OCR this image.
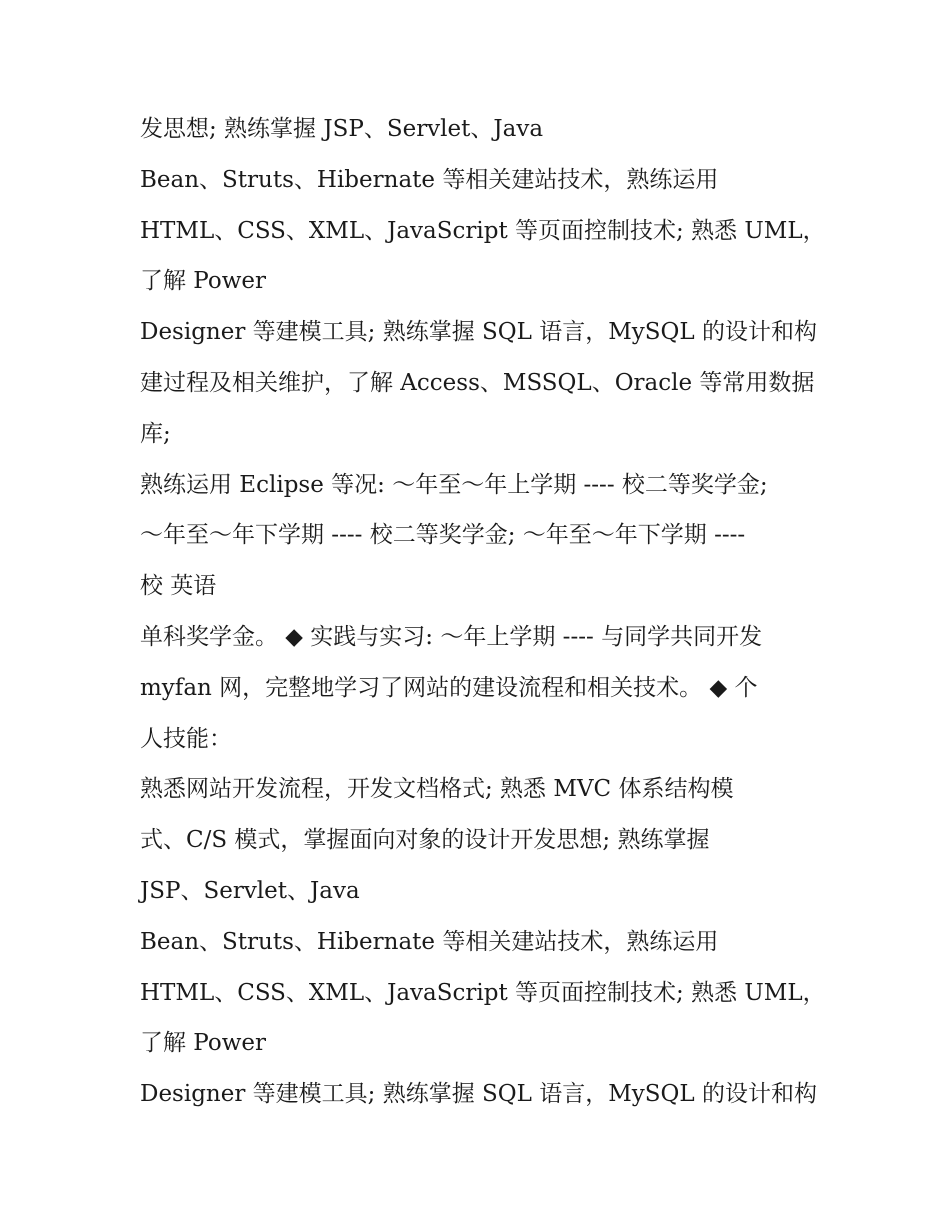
发思想; 熟练掌握 JSP、Servlet、Java
Bean、Struts、Hibernate 等相关建站技术，熟练运用
HTML、CSS、XML、JavaScript 等页面控制技术; 熟悉 UML，
了解 Power
Designer 等建模工具; 熟练掌握 SQL 语言，MySQL 的设计和构
建过程及相关维护，了解 Access、MSSQL、Oracle 等常用数据
库;
熟练运用 Eclipse 等况: ～年至～年上学期 ---- 校二等奖学金;
～年至～年下学期 ---- 校二等奖学金; ～年至～年下学期 ----
校 英语
单科奖学金。 ◆ 实践与实习: ～年上学期 ---- 与同学共同开发
myfan 网，完整地学习了网站的建设流程和相关技术。 ◆ 个
人技能：
熟悉网站开发流程，开发文档格式; 熟悉 MVC 体系结构模
式、C/S 模式，掌握面向对象的设计开发思想; 熟练掌握
JSP、Servlet、Java
Bean、Struts、Hibernate 等相关建站技术，熟练运用
HTML、CSS、XML、JavaScript 等页面控制技术; 熟悉 UML，
了解 Power
Designer 等建模工具; 熟练掌握 SQL 语言，MySQL 的设计和构
